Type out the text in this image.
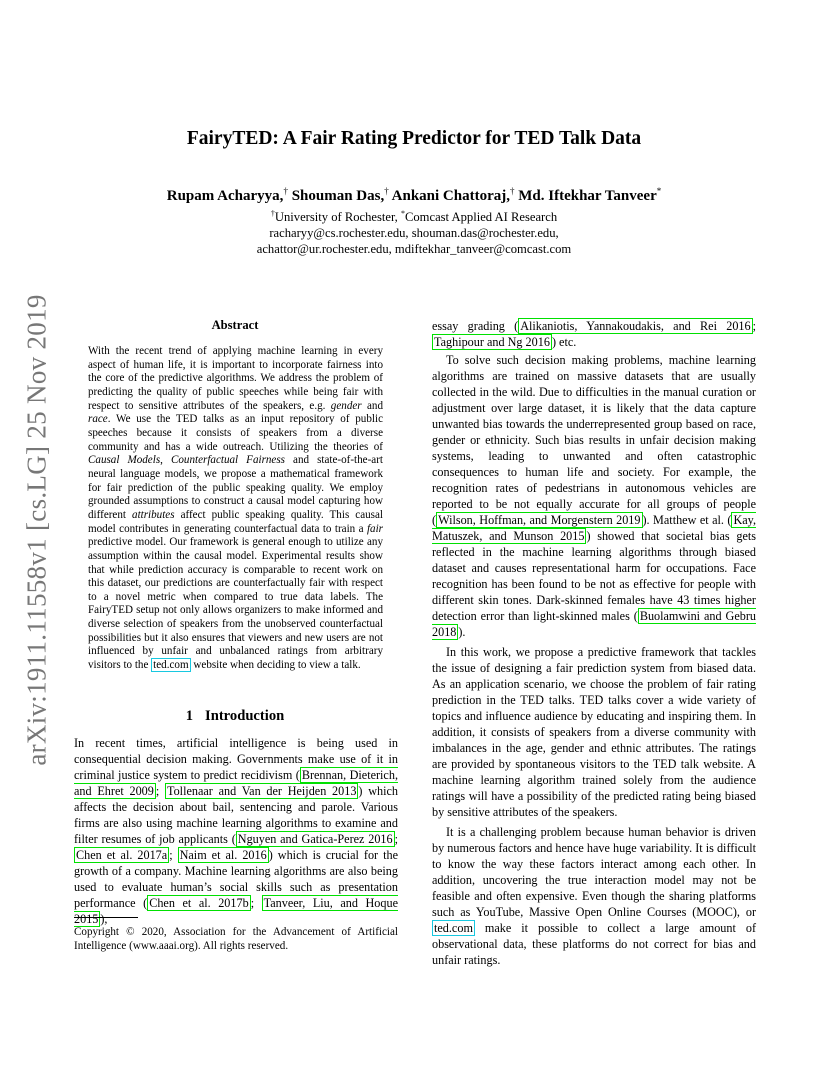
arXiv:1911.11558v1 [cs.LG] 25 Nov 2019
FairyTED: A Fair Rating Predictor for TED Talk Data
Rupam Acharyya,† Shouman Das,† Ankani Chattoraj,† Md. Iftekhar Tanveer*
†University of Rochester, *Comcast Applied AI Research
racharyy@cs.rochester.edu, shouman.das@rochester.edu,
achattor@ur.rochester.edu, mdiftekhar_tanveer@comcast.com
Abstract

With the recent trend of applying machine learning in every aspect of human life, it is important to incorporate fairness into the core of the predictive algorithms. We address the problem of predicting the quality of public speeches while being fair with respect to sensitive attributes of the speakers, e.g. gender and race. We use the TED talks as an input repository of public speeches because it consists of speakers from a diverse community and has a wide outreach. Utilizing the theories of Causal Models, Counterfactual Fairness and state-of-the-art neural language models, we propose a mathematical framework for fair prediction of the public speaking quality. We employ grounded assumptions to construct a causal model capturing how different attributes affect public speaking quality. This causal model contributes in generating counterfactual data to train a fair predictive model. Our framework is general enough to utilize any assumption within the causal model. Experimental results show that while prediction accuracy is comparable to recent work on this dataset, our predictions are counterfactually fair with respect to a novel metric when compared to true data labels. The FairyTED setup not only allows organizers to make informed and diverse selection of speakers from the unobserved counterfactual possibilities but it also ensures that viewers and new users are not influenced by unfair and unbalanced ratings from arbitrary visitors to the ted.com website when deciding to view a talk.

1 Introduction

In recent times, artificial intelligence is being used in consequential decision making. Governments make use of it in criminal justice system to predict recidivism ( Brennan, Dieterich, and Ehret 2009 ; Tollenaar and Van der Heijden 2013 ) which affects the decision about bail, sentencing and parole. Various firms are also using machine learning algorithms to examine and filter resumes of job applicants ( Nguyen and Gatica-Perez 2016 ; Chen et al. 2017a ; Naim et al. 2016 ) which is crucial for the growth of a company. Machine learning algorithms are also being used to evaluate human’s social skills such as presentation performance ( Chen et al. 2017b ; Tanveer, Liu, and Hoque 2015 ),

Copyright © 2020, Association for the Advancement of Artificial Intelligence (www.aaai.org). All rights reserved.

essay grading ( Alikaniotis, Yannakoudakis, and Rei 2016 ; Taghipour and Ng 2016 ) etc.

To solve such decision making problems, machine learning algorithms are trained on massive datasets that are usually collected in the wild. Due to difficulties in the manual curation or adjustment over large dataset, it is likely that the data capture unwanted bias towards the underrepresented group based on race, gender or ethnicity. Such bias results in unfair decision making systems, leading to unwanted and often catastrophic consequences to human life and society. For example, the recognition rates of pedestrians in autonomous vehicles are reported to be not equally accurate for all groups of people ( Wilson, Hoffman, and Morgenstern 2019 ). Matthew et al. ( Kay, Matuszek, and Munson 2015 ) showed that societal bias gets reflected in the machine learning algorithms through biased dataset and causes representational harm for occupations. Face recognition has been found to be not as effective for people with different skin tones. Dark-skinned females have 43 times higher detection error than light-skinned males ( Buolamwini and Gebru 2018 ).

In this work, we propose a predictive framework that tackles the issue of designing a fair prediction system from biased data. As an application scenario, we choose the problem of fair rating prediction in the TED talks. TED talks cover a wide variety of topics and influence audience by educating and inspiring them. In addition, it consists of speakers from a diverse community with imbalances in the age, gender and ethnic attributes. The ratings are provided by spontaneous visitors to the TED talk website. A machine learning algorithm trained solely from the audience ratings will have a possibility of the predicted rating being biased by sensitive attributes of the speakers.

It is a challenging problem because human behavior is driven by numerous factors and hence have huge variability. It is difficult to know the way these factors interact among each other. In addition, uncovering the true interaction model may not be feasible and often expensive. Even though the sharing platforms such as YouTube, Massive Open Online Courses (MOOC), or ted.com make it possible to collect a large amount of observational data, these platforms do not correct for bias and unfair ratings.
